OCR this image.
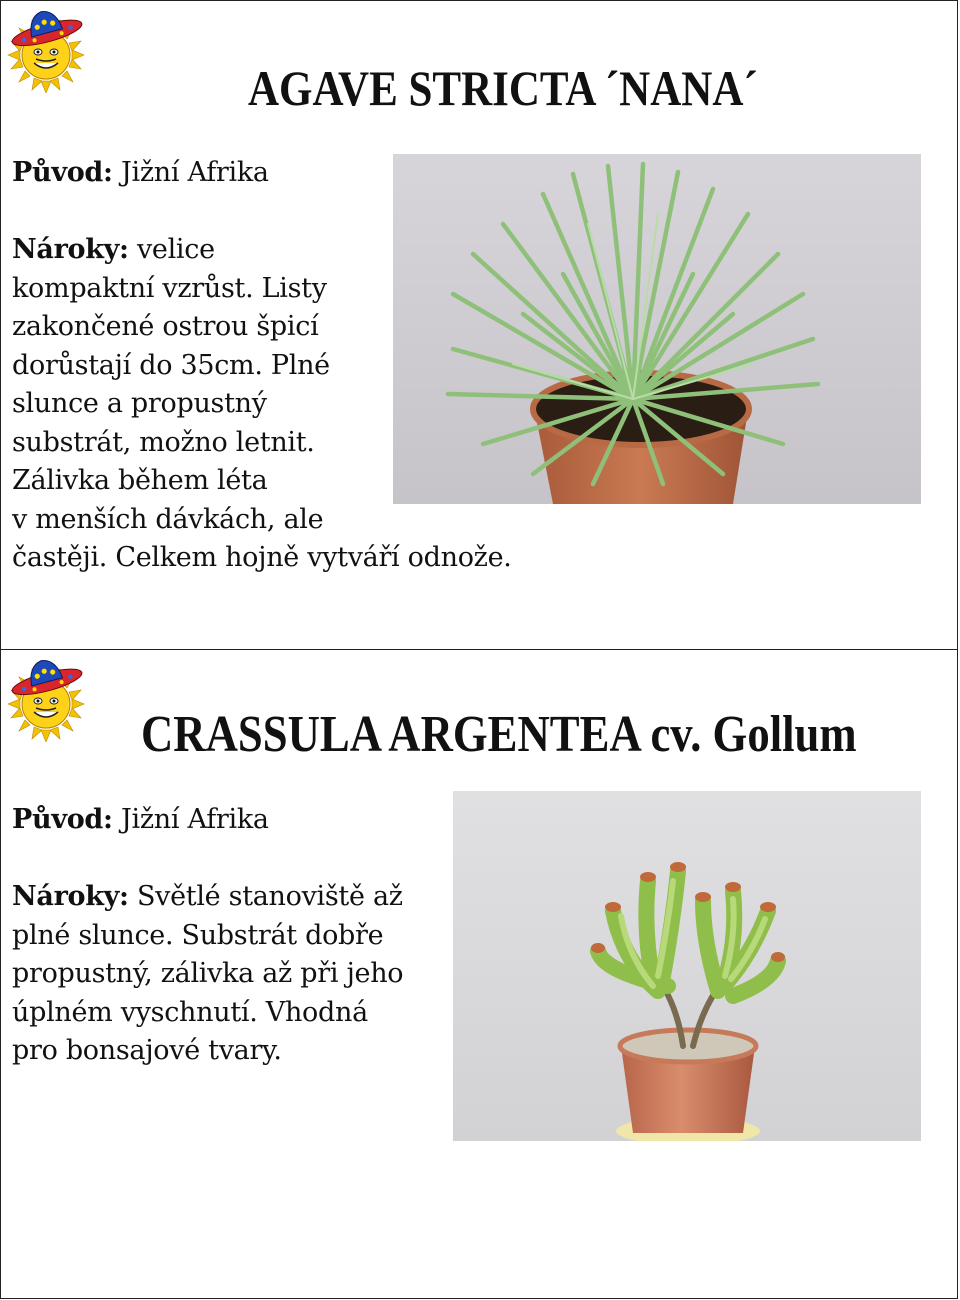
AGAVE STRICTA ´NANA´
Původ: Jižní Afrika
Nároky: velice
kompaktní vzrůst. Listy
zakončené ostrou špicí
dorůstají do 35cm. Plné
slunce a propustný
substrát, možno letnit.
Zálivka během léta
v menších dávkách, ale
častěji. Celkem hojně vytváří odnože.
CRASSULA ARGENTEA cv. Gollum
Původ: Jižní Afrika
Nároky: Světlé stanoviště až
plné slunce. Substrát dobře
propustný, zálivka až při jeho
úplném vyschnutí. Vhodná
pro bonsajové tvary.
